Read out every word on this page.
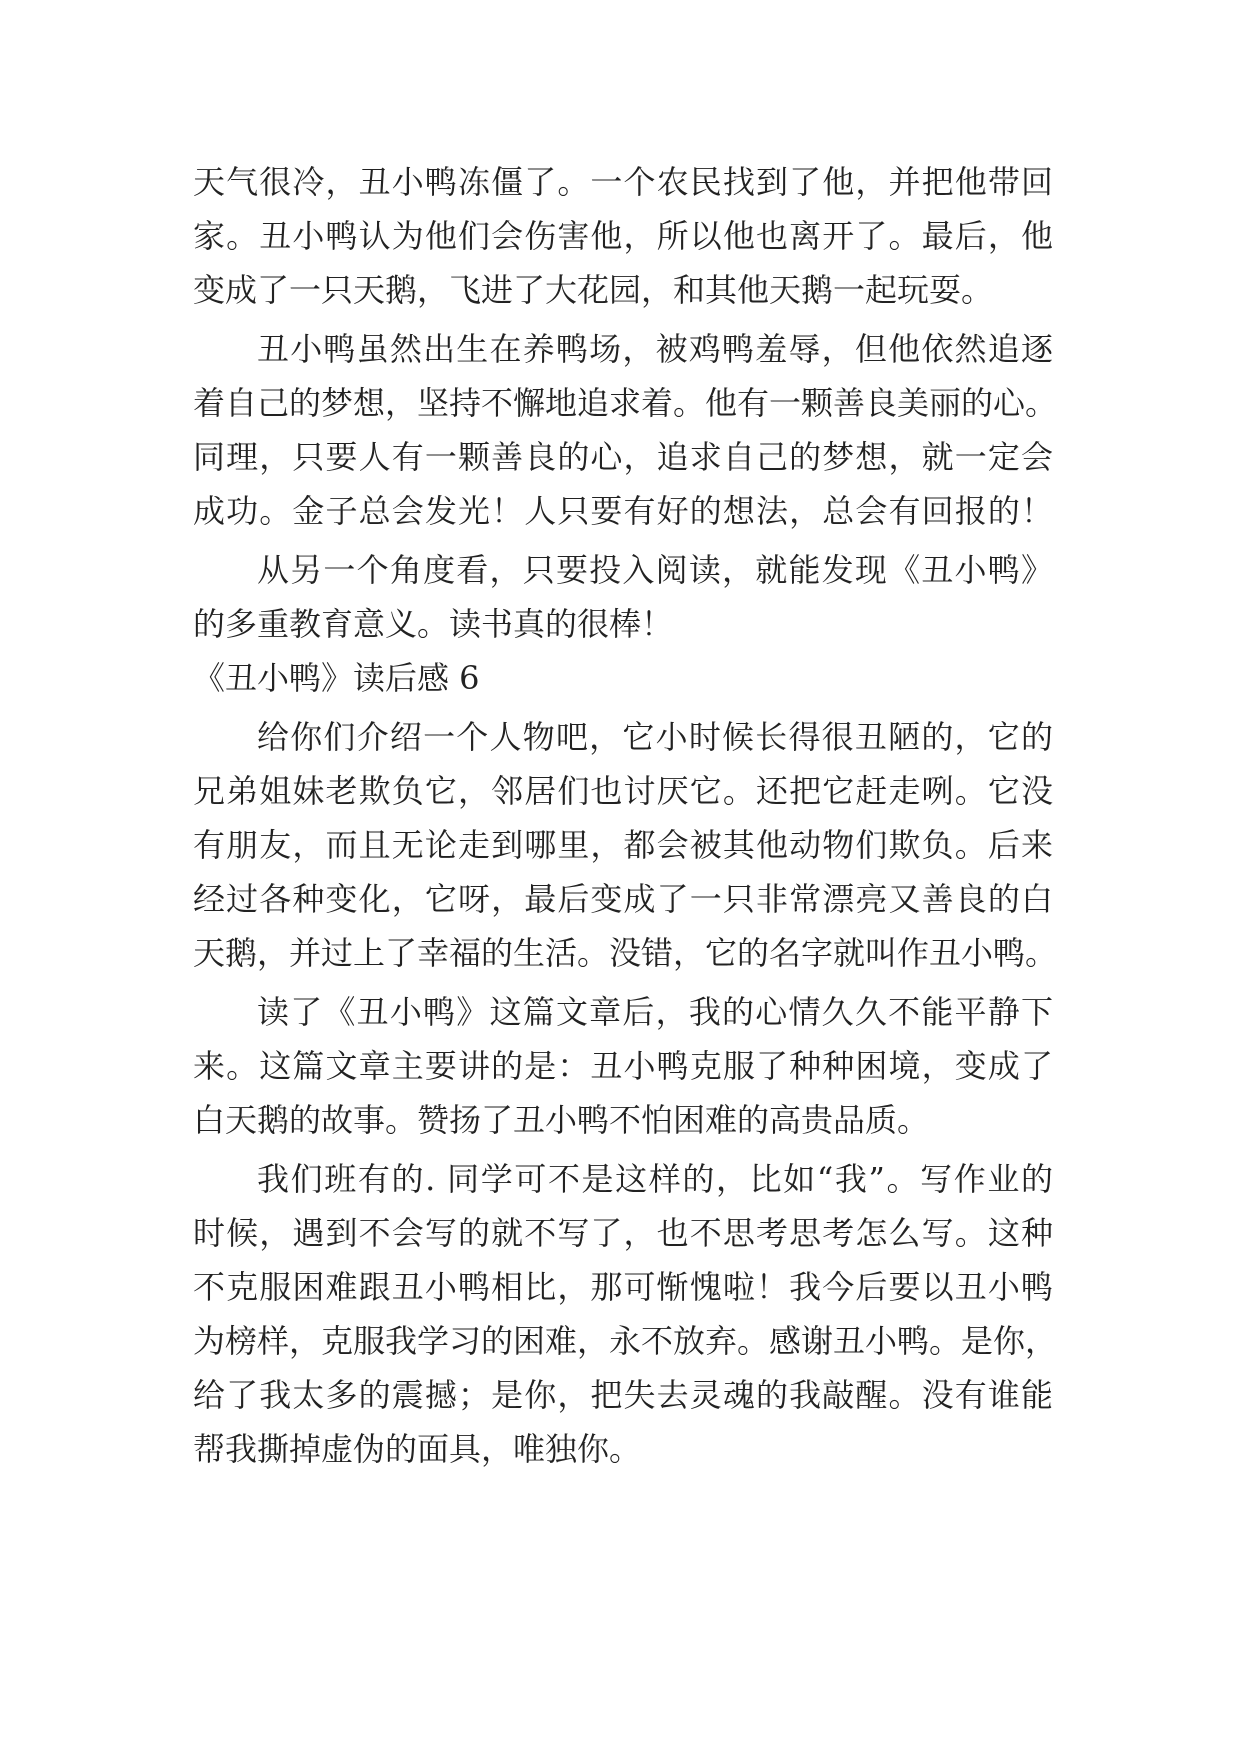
天气很冷，丑小鸭冻僵了。一个农民找到了他，并把他带回
家。丑小鸭认为他们会伤害他，所以他也离开了。最后，他
变成了一只天鹅，飞进了大花园，和其他天鹅一起玩耍。
丑小鸭虽然出生在养鸭场，被鸡鸭羞辱，但他依然追逐
着自己的梦想，坚持不懈地追求着。他有一颗善良美丽的心。
同理，只要人有一颗善良的心，追求自己的梦想，就一定会
成功。金子总会发光！人只要有好的想法，总会有回报的！
从另一个角度看，只要投入阅读，就能发现《丑小鸭》
的多重教育意义。读书真的很棒！
《丑小鸭》读后感 6
给你们介绍一个人物吧，它小时候长得很丑陋的，它的
兄弟姐妹老欺负它，邻居们也讨厌它。还把它赶走咧。它没
有朋友，而且无论走到哪里，都会被其他动物们欺负。后来
经过各种变化，它呀，最后变成了一只非常漂亮又善良的白
天鹅，并过上了幸福的生活。没错，它的名字就叫作丑小鸭。
读了《丑小鸭》这篇文章后，我的心情久久不能平静下
来。这篇文章主要讲的是：丑小鸭克服了种种困境，变成了
白天鹅的故事。赞扬了丑小鸭不怕困难的高贵品质。
我们班有的. 同学可不是这样的，比如“我”。写作业的
时候，遇到不会写的就不写了，也不思考思考怎么写。这种
不克服困难跟丑小鸭相比，那可惭愧啦！我今后要以丑小鸭
为榜样，克服我学习的困难，永不放弃。感谢丑小鸭。是你，
给了我太多的震撼；是你，把失去灵魂的我敲醒。没有谁能
帮我撕掉虚伪的面具，唯独你。
